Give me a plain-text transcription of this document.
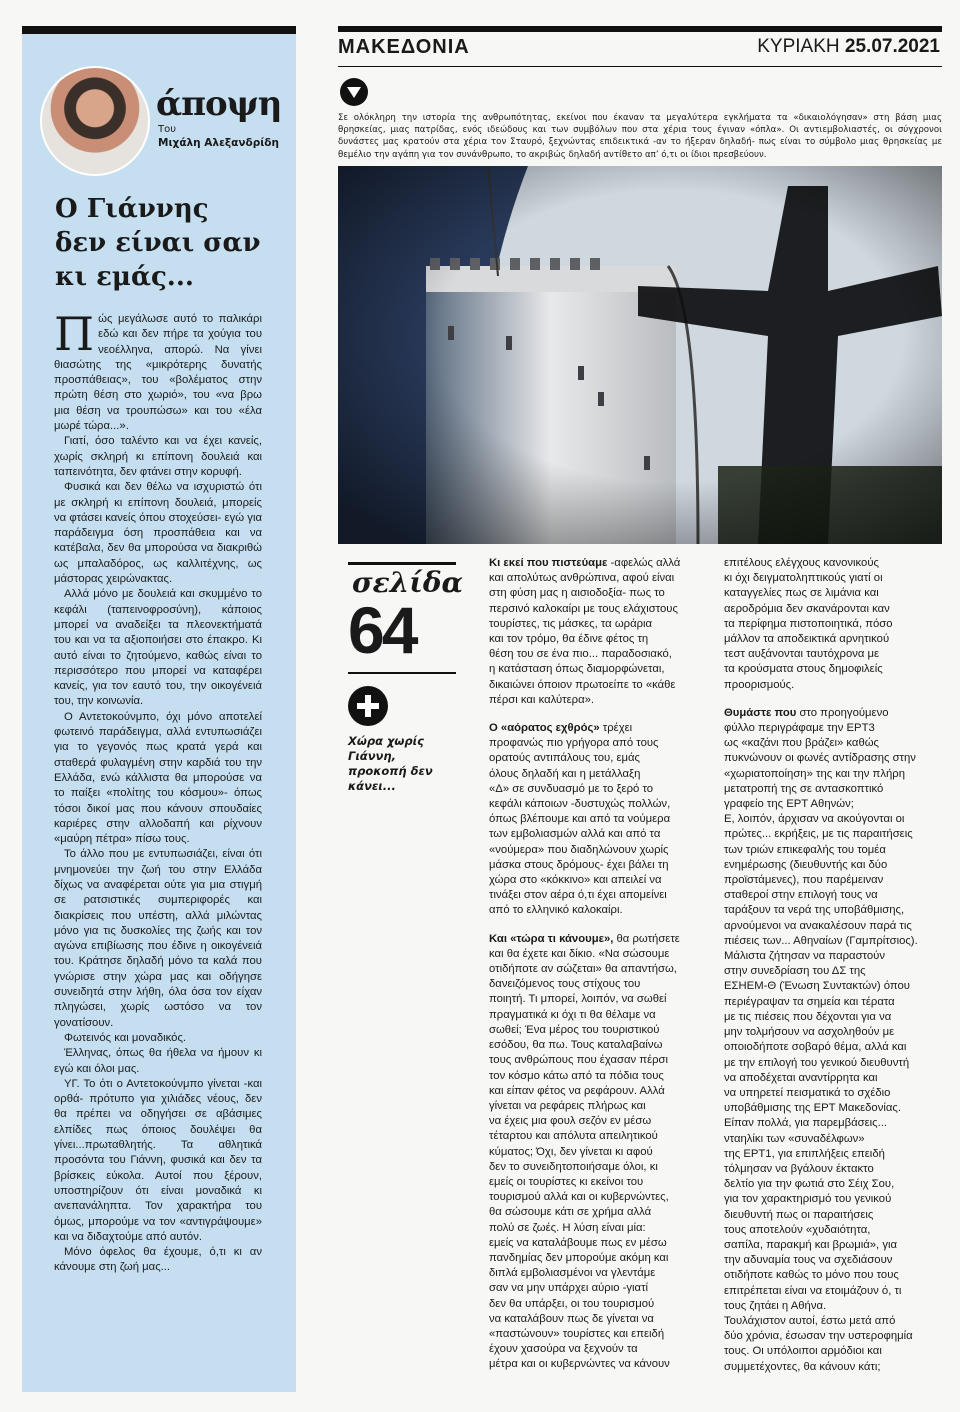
άποψη
Του
Μιχάλη Αλεξανδρίδη
Ο Γιάννης
δεν είναι σαν
κι εμάς...

Πώς μεγάλωσε αυτό το παλικάρι εδώ και δεν πήρε τα χούγια του νεοέλληνα, απορώ. Να γίνει θιασώτης της «μικρότερης δυνατής προσπάθειας», του «βολέματος στην πρώτη θέση στο χωριό», του «να βρω μια θέση να τρουπώσω» και του «έλα μωρέ τώρα...».

Γιατί, όσο ταλέντο και να έχει κανείς, χωρίς σκληρή κι επίπονη δουλειά και ταπεινότητα, δεν φτάνει στην κορυφή.

Φυσικά και δεν θέλω να ισχυριστώ ότι με σκληρή κι επίπονη δουλειά, μπορείς να φτάσει κανείς όπου στοχεύσει- εγώ για παράδειγμα όση προσπάθεια και να κατέβαλα, δεν θα μπορούσα να διακριθώ ως μπαλαδόρος, ως καλλιτέχνης, ως μάστορας χειρώνακτας.

Αλλά μόνο με δουλειά και σκυμμένο το κεφάλι (ταπεινοφροσύνη), κάποιος μπορεί να αναδείξει τα πλεονεκτήματά του και να τα αξιοποιήσει στο έπακρο. Κι αυτό είναι το ζητούμενο, καθώς είναι το περισσότερο που μπορεί να καταφέρει κανείς, για τον εαυτό του, την οικογένειά του, την κοινωνία.

Ο Αντετοκούνμπο, όχι μόνο αποτελεί φωτεινό παράδειγμα, αλλά εντυπωσιάζει για το γεγονός πως κρατά γερά και σταθερά φυλαγμένη στην καρδιά του την Ελλάδα, ενώ κάλλιστα θα μπορούσε να το παίξει «πολίτης του κόσμου»- όπως τόσοι δικοί μας που κάνουν σπουδαίες καριέρες στην αλλοδαπή και ρίχνουν «μαύρη πέτρα» πίσω τους.

Το άλλο που με εντυπωσιάζει, είναι ότι μνημονεύει την ζωή του στην Ελλάδα δίχως να αναφέρεται ούτε για μια στιγμή σε ρατσιστικές συμπεριφορές και διακρίσεις που υπέστη, αλλά μιλώντας μόνο για τις δυσκολίες της ζωής και τον αγώνα επιβίωσης που έδινε η οικογένειά του. Κράτησε δηλαδή μόνο τα καλά που γνώρισε στην χώρα μας και οδήγησε συνειδητά στην λήθη, όλα όσα τον είχαν πληγώσει, χωρίς ωστόσο να τον γονατίσουν.

Φωτεινός και μοναδικός.

Έλληνας, όπως θα ήθελα να ήμουν κι εγώ και όλοι μας.

ΥΓ. Το ότι ο Αντετοκούνμπο γίνεται -και ορθά- πρότυπο για χιλιάδες νέους, δεν θα πρέπει να οδηγήσει σε αβάσιμες ελπίδες πως όποιος δουλέψει θα γίνει...πρωταθλητής. Τα αθλητικά προσόντα του Γιάννη, φυσικά και δεν τα βρίσκεις εύκολα. Αυτοί που ξέρουν, υποστηρίζουν ότι είναι μοναδικά κι ανεπανάληπτα. Τον χαρακτήρα του όμως, μπορούμε να τον «αντιγράψουμε» και να διδαχτούμε από αυτόν.

Μόνο όφελος θα έχουμε, ό,τι κι αν κάνουμε στη ζωή μας...

ΜΑΚΕΔΟΝΙΑ	ΚΥΡΙΑΚΗ 25.07.2021
Σε ολόκληρη την ιστορία της ανθρωπότητας, εκείνοι που έκαναν τα μεγαλύτερα εγκλήματα τα «δικαιολόγησαν» στη βάση μιας θρησκείας, μιας πατρίδας, ενός ιδεώδους και των συμβόλων που στα χέρια τους έγιναν «όπλα». Οι αντιεμβολιαστές, οι σύγχρονοι δυνάστες μας κρατούν στα χέρια τον Σταυρό, ξεχνώντας επιδεικτικά -αν το ήξεραν δηλαδή- πως είναι το σύμβολο μιας θρησκείας με θεμέλιο την αγάπη για τον συνάνθρωπο, το ακριβώς δηλαδή αντίθετο απ’ ό,τι οι ίδιοι πρεσβεύουν.
σελίδα
64
Χώρα χωρίς Γιάννη, προκοπή δεν κάνει...

Κι εκεί που πιστεύαμε -αφελώς αλλά
και απολύτως ανθρώπινα, αφού είναι
στη φύση μας η αισιοδοξία- πως το
περσινό καλοκαίρι με τους ελάχιστους
τουρίστες, τις μάσκες, τα ωράρια
και τον τρόμο, θα έδινε φέτος τη
θέση του σε ένα πιο... παραδοσιακό,
η κατάσταση όπως διαμορφώνεται,
δικαιώνει όποιον πρωτοείπε το «κάθε
πέρσι και καλύτερα».

Ο «αόρατος εχθρός» τρέχει
προφανώς πιο γρήγορα από τους
ορατούς αντιπάλους του, εμάς
όλους δηλαδή και η μετάλλαξη
«Δ» σε συνδυασμό με το ξερό το
κεφάλι κάποιων -δυστυχώς πολλών,
όπως βλέπουμε και από τα νούμερα
των εμβολιασμών αλλά και από τα
«νούμερα» που διαδηλώνουν χωρίς
μάσκα στους δρόμους- έχει βάλει τη
χώρα στο «κόκκινο» και απειλεί να
τινάξει στον αέρα ό,τι έχει απομείνει
από το ελληνικό καλοκαίρι.

Και «τώρα τι κάνουμε», θα ρωτήσετε
και θα έχετε και δίκιο. «Να σώσουμε
οτιδήποτε αν σώζεται» θα απαντήσω,
δανειζόμενος τους στίχους του
ποιητή. Τι μπορεί, λοιπόν, να σωθεί
πραγματικά κι όχι τι θα θέλαμε να
σωθεί; Ένα μέρος του τουριστικού
εσόδου, θα πω. Τους καταλαβαίνω
τους ανθρώπους που έχασαν πέρσι
τον κόσμο κάτω από τα πόδια τους
και είπαν φέτος να ρεφάρουν. Αλλά
γίνεται να ρεφάρεις πλήρως και
να έχεις μια φουλ σεζόν εν μέσω
τέταρτου και απόλυτα απειλητικού
κύματος; Όχι, δεν γίνεται κι αφού
δεν το συνειδητοποιήσαμε όλοι, κι
εμείς οι τουρίστες κι εκείνοι του
τουρισμού αλλά και οι κυβερνώντες,
θα σώσουμε κάτι σε χρήμα αλλά
πολύ σε ζωές. Η λύση είναι μία:
εμείς να καταλάβουμε πως εν μέσω
πανδημίας δεν μπορούμε ακόμη και
διπλά εμβολιασμένοι να γλεντάμε
σαν να μην υπάρχει αύριο -γιατί
δεν θα υπάρξει, οι του τουρισμού
να καταλάβουν πως δε γίνεται να
«παστώνουν» τουρίστες και επειδή
έχουν χασούρα να ξεχνούν τα
μέτρα και οι κυβερνώντες να κάνουν

επιτέλους ελέγχους κανονικούς
κι όχι δειγματοληπτικούς γιατί οι
καταγγελίες πως σε λιμάνια και
αεροδρόμια δεν σκανάρονται καν
τα περίφημα πιστοποιητικά, πόσο
μάλλον τα αποδεικτικά αρνητικού
τεστ αυξάνονται ταυτόχρονα με
τα κρούσματα στους δημοφιλείς
προορισμούς.

Θυμάστε που στο προηγούμενο
φύλλο περιγράφαμε την ΕΡΤ3
ως «καζάνι που βράζει» καθώς
πυκνώνουν οι φωνές αντίδρασης στην
«χωριατοποίηση» της και την πλήρη
μετατροπή της σε αντασκοπτικό
γραφείο της ΕΡΤ Αθηνών;
Ε, λοιπόν, άρχισαν να ακούγονται οι
πρώτες... εκρήξεις, με τις παραιτήσεις
των τριών επικεφαλής του τομέα
ενημέρωσης (διευθυντής και δύο
προϊστάμενες), που παρέμειναν
σταθεροί στην επιλογή τους να
ταράξουν τα νερά της υποβάθμισης,
αρνούμενοι να ανακαλέσουν παρά τις
πιέσεις των... Αθηναίων (Γαμπρίτσιος).
Μάλιστα ζήτησαν να παραστούν
στην συνεδρίαση του ΔΣ της
ΕΣΗΕΜ-Θ (Ένωση Συντακτών) όπου
περιέγραψαν τα σημεία και τέρατα
με τις πιέσεις που δέχονται για να
μην τολμήσουν να ασχοληθούν με
οποιοδήποτε σοβαρό θέμα, αλλά και
με την επιλογή του γενικού διευθυντή
να αποδέχεται αναντίρρητα και
να υπηρετεί πεισματικά το σχέδιο
υποβάθμισης της ΕΡΤ Μακεδονίας.
Είπαν πολλά, για παρεμβάσεις...
νταηλίκι των «συναδέλφων»
της ΕΡΤ1, για επιπλήξεις επειδή
τόλμησαν να βγάλουν έκτακτο
δελτίο για την φωτιά στο Σέιχ Σου,
για τον χαρακτηρισμό του γενικού
διευθυντή πως οι παραιτήσεις
τους αποτελούν «χυδαιότητα,
σαπίλα, παρακμή και βρωμιά», για
την αδυναμία τους να σχεδιάσουν
οτιδήποτε καθώς το μόνο που τους
επιτρέπεται είναι να ετοιμάζουν ό, τι
τους ζητάει η Αθήνα.
Τουλάχιστον αυτοί, έστω μετά από
δύο χρόνια, έσωσαν την υστεροφημία
τους. Οι υπόλοιποι αρμόδιοι και
συμμετέχοντες, θα κάνουν κάτι;
